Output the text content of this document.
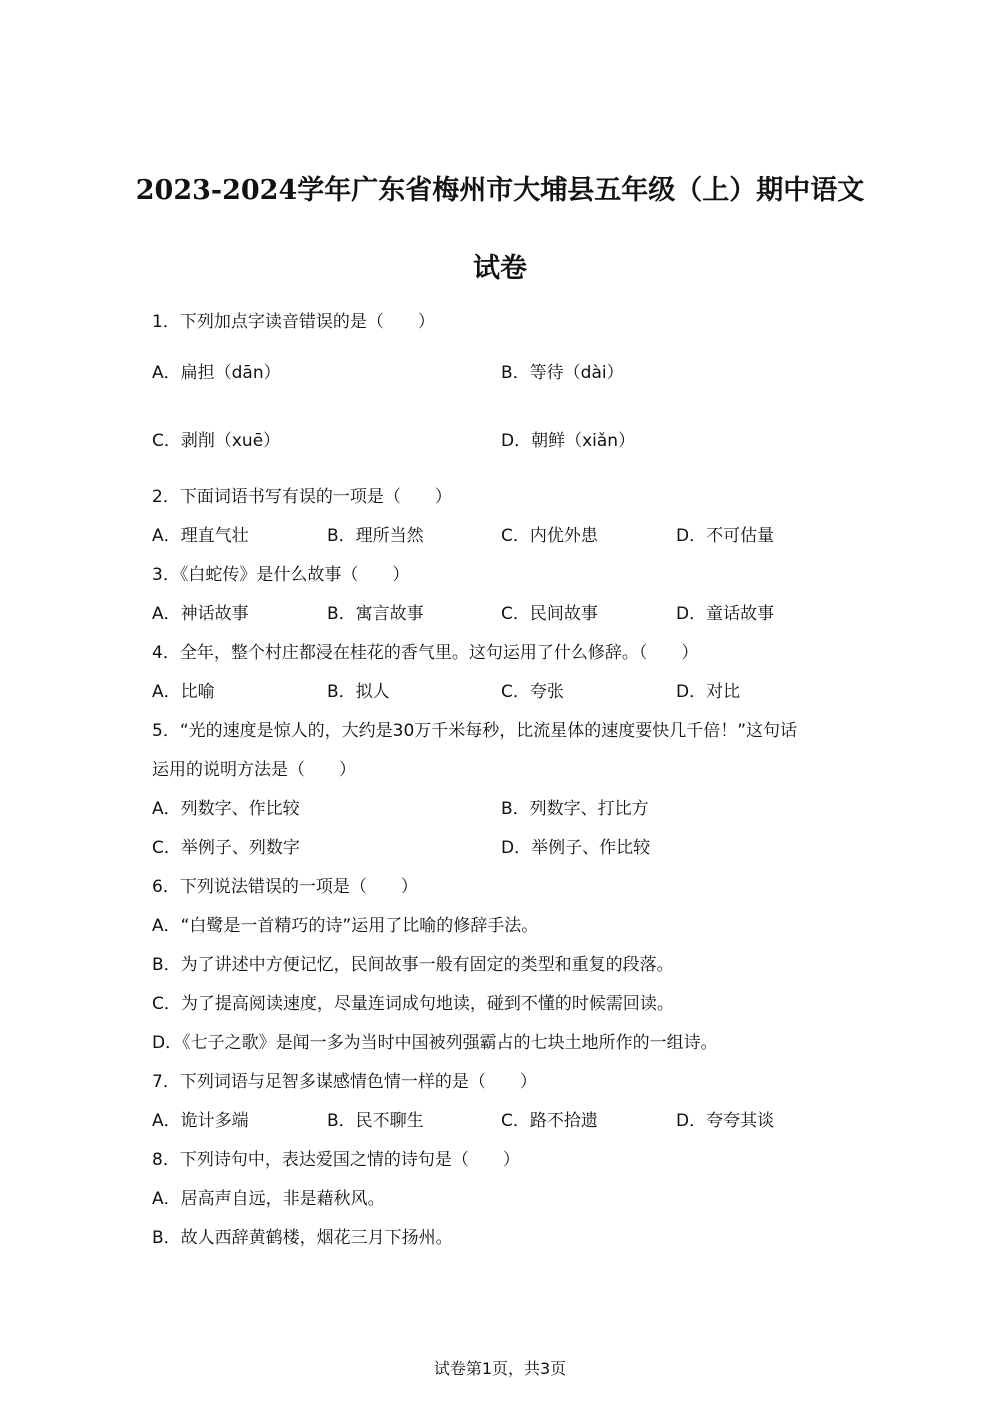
2023-2024学年广东省梅州市大埔县五年级（上）期中语文
试卷
1．下列加点字读音错误的是（　　）
A．扁担（dān）	B．等待（dài）
C．剥削（xuē）	D．朝鲜（xiǎn）
2．下面词语书写有误的一项是（　　）
A．理直气壮	B．理所当然	C．内优外患	D．不可估量
3．《白蛇传》是什么故事（　　）
A．神话故事	B．寓言故事	C．民间故事	D．童话故事
4．全年，整个村庄都浸在桂花的香气里。这句运用了什么修辞。（　　）
A．比喻	B．拟人	C．夸张	D．对比
5．“光的速度是惊人的，大约是30万千米每秒，比流星体的速度要快几千倍！”这句话
运用的说明方法是（　　）
A．列数字、作比较	B．列数字、打比方
C．举例子、列数字	D．举例子、作比较
6．下列说法错误的一项是（　　）
A．“白鹭是一首精巧的诗”运用了比喻的修辞手法。
B．为了讲述中方便记忆，民间故事一般有固定的类型和重复的段落。
C．为了提高阅读速度，尽量连词成句地读，碰到不懂的时候需回读。
D．《七子之歌》是闻一多为当时中国被列强霸占的七块土地所作的一组诗。
7．下列词语与足智多谋感情色情一样的是（　　）
A．诡计多端	B．民不聊生	C．路不拾遗	D．夸夸其谈
8．下列诗句中，表达爱国之情的诗句是（　　）
A．居高声自远，非是藉秋风。
B．故人西辞黄鹤楼，烟花三月下扬州。
试卷第1页，共3页
